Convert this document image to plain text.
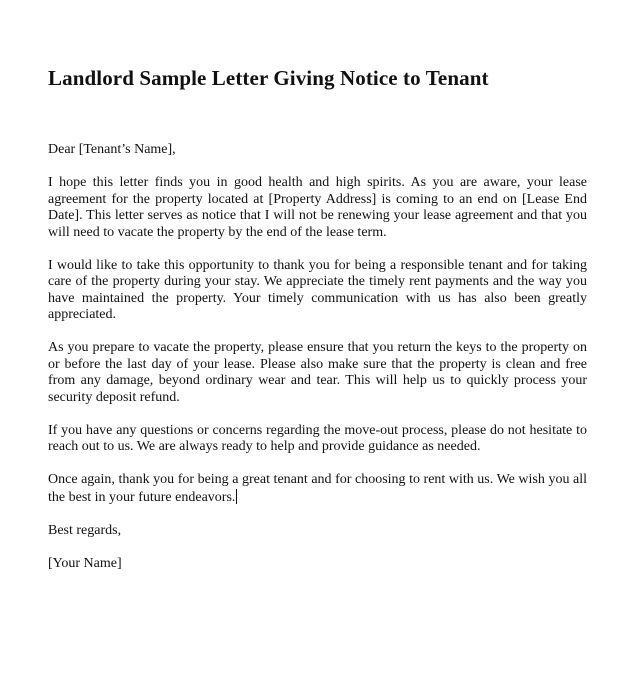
Landlord Sample Letter Giving Notice to Tenant

Dear [Tenant’s Name],

I hope this letter finds you in good health and high spirits. As you are aware, your lease agreement for the property located at [Property Address] is coming to an end on [Lease End Date]. This letter serves as notice that I will not be renewing your lease agreement and that you will need to vacate the property by the end of the lease term.

I would like to take this opportunity to thank you for being a responsible tenant and for taking care of the property during your stay. We appreciate the timely rent payments and the way you have maintained the property. Your timely communication with us has also been greatly appreciated.

As you prepare to vacate the property, please ensure that you return the keys to the property on or before the last day of your lease. Please also make sure that the property is clean and free from any damage, beyond ordinary wear and tear. This will help us to quickly process your security deposit refund.

If you have any questions or concerns regarding the move-out process, please do not hesitate to reach out to us. We are always ready to help and provide guidance as needed.

Once again, thank you for being a great tenant and for choosing to rent with us. We wish you all the best in your future endeavors.

Best regards,

[Your Name]
